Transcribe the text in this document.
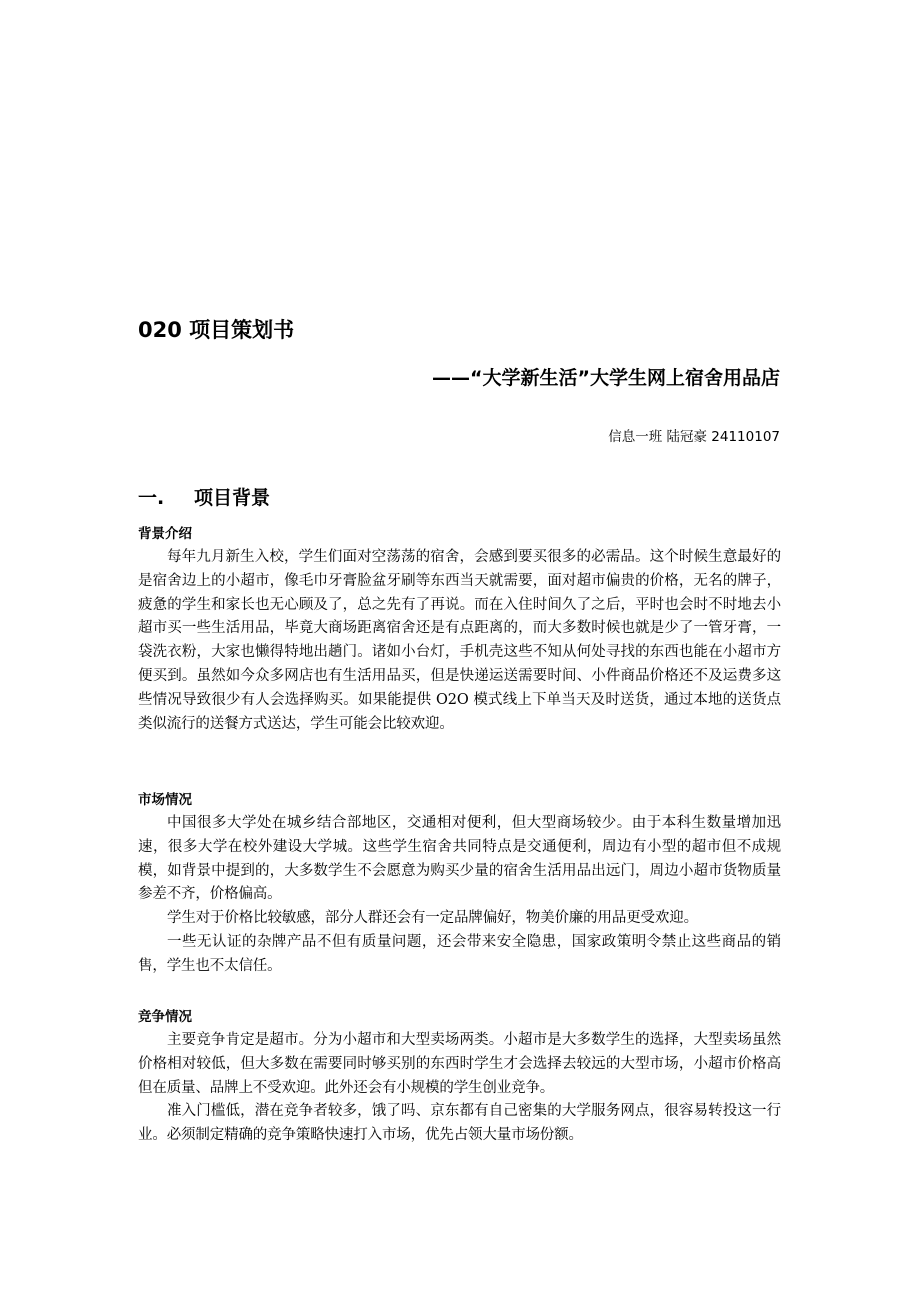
020 项目策划书
——“大学新生活”大学生网上宿舍用品店

信息一班 陆冠豪 24110107

一. 项目背景
背景介绍

每年九月新生入校，学生们面对空荡荡的宿舍，会感到要买很多的必需品。这个时候生意最好的是宿舍边上的小超市，像毛巾牙膏脸盆牙刷等东西当天就需要，面对超市偏贵的价格，无名的牌子，疲惫的学生和家长也无心顾及了，总之先有了再说。而在入住时间久了之后，平时也会时不时地去小超市买一些生活用品，毕竟大商场距离宿舍还是有点距离的，而大多数时候也就是少了一管牙膏，一袋洗衣粉，大家也懒得特地出趟门。诸如小台灯，手机壳这些不知从何处寻找的东西也能在小超市方便买到。虽然如今众多网店也有生活用品买，但是快递运送需要时间、小件商品价格还不及运费多这些情况导致很少有人会选择购买。如果能提供 O2O 模式线上下单当天及时送货，通过本地的送货点类似流行的送餐方式送达，学生可能会比较欢迎。

市场情况

中国很多大学处在城乡结合部地区，交通相对便利，但大型商场较少。由于本科生数量增加迅速，很多大学在校外建设大学城。这些学生宿舍共同特点是交通便利，周边有小型的超市但不成规模，如背景中提到的，大多数学生不会愿意为购买少量的宿舍生活用品出远门，周边小超市货物质量参差不齐，价格偏高。

学生对于价格比较敏感，部分人群还会有一定品牌偏好，物美价廉的用品更受欢迎。

一些无认证的杂牌产品不但有质量问题，还会带来安全隐患，国家政策明令禁止这些商品的销售，学生也不太信任。

竞争情况

主要竞争肯定是超市。分为小超市和大型卖场两类。小超市是大多数学生的选择，大型卖场虽然价格相对较低，但大多数在需要同时够买别的东西时学生才会选择去较远的大型市场，小超市价格高但在质量、品牌上不受欢迎。此外还会有小规模的学生创业竞争。

准入门槛低，潜在竞争者较多，饿了吗、京东都有自己密集的大学服务网点，很容易转投这一行业。必须制定精确的竞争策略快速打入市场，优先占领大量市场份额。
